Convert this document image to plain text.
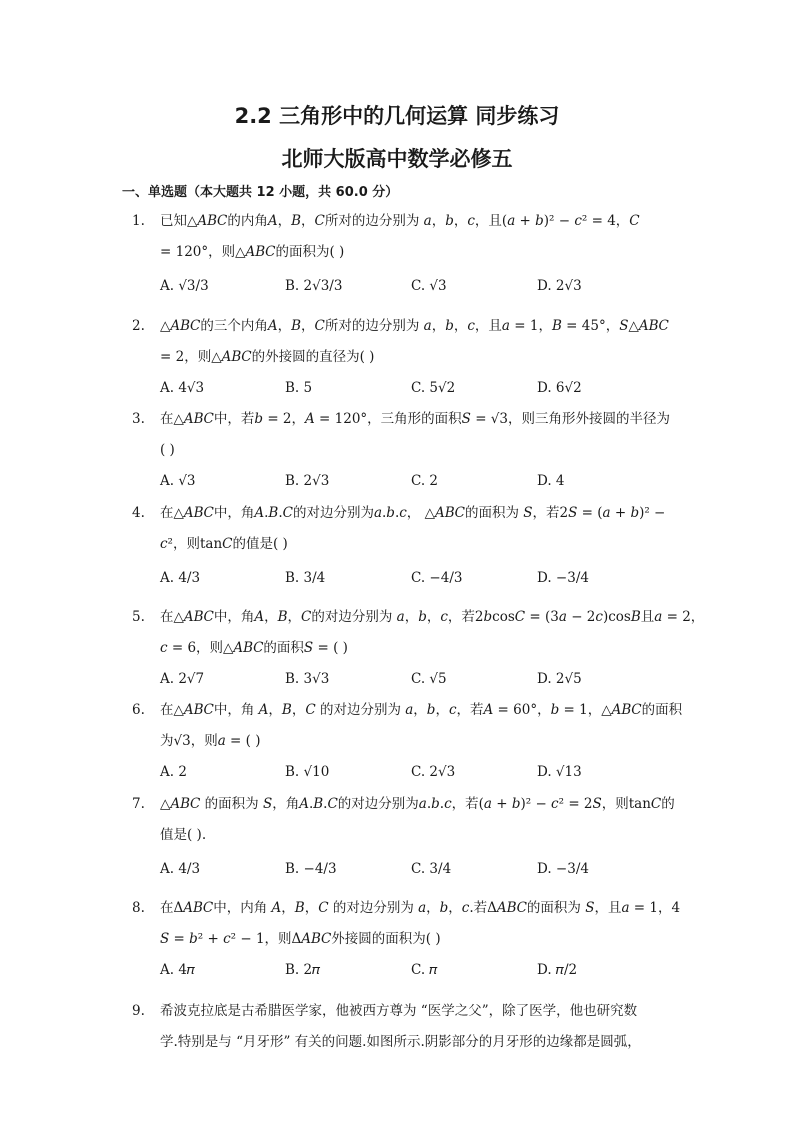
2.2 三角形中的几何运算 同步练习
北师大版高中数学必修五
一、单选题（本大题共 12 小题，共 60.0 分）
1.	已知△𝐴𝐵𝐶的内角𝐴，𝐵，𝐶所对的边分别为 𝑎，𝑏，𝑐，且(𝑎 + 𝑏)² − 𝑐² = 4，𝐶
= 120°，则△𝐴𝐵𝐶的面积为( )
A. √3/3	B. 2√3/3	C. √3	D. 2√3
2.	△𝐴𝐵𝐶的三个内角𝐴，𝐵，𝐶所对的边分别为 𝑎，𝑏，𝑐，且𝑎 = 1，𝐵 = 45°，𝑆△𝐴𝐵𝐶
= 2，则△𝐴𝐵𝐶的外接圆的直径为( )
A. 4√3	B. 5	C. 5√2	D. 6√2
3.	在△𝐴𝐵𝐶中，若𝑏 = 2，𝐴 = 120°，三角形的面积𝑆 = √3，则三角形外接圆的半径为
( )
A. √3	B. 2√3	C. 2	D. 4
4.	在△𝐴𝐵𝐶中，角𝐴.𝐵.𝐶的对边分别为𝑎.𝑏.𝑐， △𝐴𝐵𝐶的面积为 𝑆，若2𝑆 = (𝑎 + 𝑏)² −
𝑐²，则tan𝐶的值是( )
A. 4/3	B. 3/4	C. −4/3	D. −3/4
5.	在△𝐴𝐵𝐶中，角𝐴，𝐵，𝐶的对边分别为 𝑎，𝑏，𝑐，若2𝑏cos𝐶 = (3𝑎 − 2𝑐)cos𝐵且𝑎 = 2，
𝑐 = 6，则△𝐴𝐵𝐶的面积𝑆 = ( )
A. 2√7	B. 3√3	C. √5	D. 2√5
6.	在△𝐴𝐵𝐶中，角 𝐴，𝐵，𝐶 的对边分别为 𝑎，𝑏，𝑐，若𝐴 = 60°，𝑏 = 1，△𝐴𝐵𝐶的面积
为√3，则𝑎 = ( )
A. 2	B. √10	C. 2√3	D. √13
7.	△𝐴𝐵𝐶 的面积为 𝑆，角𝐴.𝐵.𝐶的对边分别为𝑎.𝑏.𝑐，若(𝑎 + 𝑏)² − 𝑐² = 2𝑆，则tan𝐶的
值是( ).
A. 4/3	B. −4/3	C. 3/4	D. −3/4
8.	在Δ𝐴𝐵𝐶中，内角 𝐴，𝐵，𝐶 的对边分别为 𝑎，𝑏，𝑐.若Δ𝐴𝐵𝐶的面积为 𝑆，且𝑎 = 1，4
𝑆 = 𝑏² + 𝑐² − 1，则Δ𝐴𝐵𝐶外接圆的面积为( )
A. 4𝜋	B. 2𝜋	C. 𝜋	D. 𝜋/2
9.	希波克拉底是古希腊医学家，他被西方尊为 “医学之父”，除了医学，他也研究数
学.特别是与 “月牙形” 有关的问题.如图所示.阴影部分的月牙形的边缘都是圆弧，
